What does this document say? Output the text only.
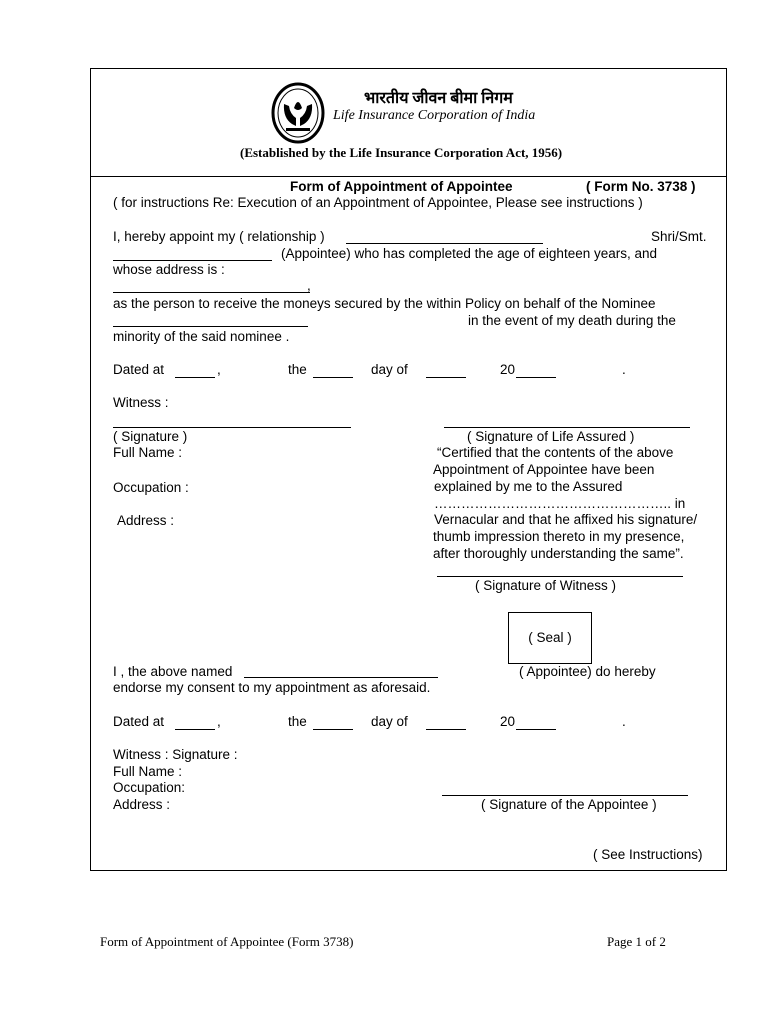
भारतीय जीवन बीमा निगम
Life Insurance Corporation of India
(Established by the Life Insurance Corporation Act, 1956)
Form of Appointment of Appointee	( Form No. 3738 )
( for instructions Re: Execution of an Appointment of Appointee, Please see instructions )
I, hereby appoint my ( relationship )	Shri/Smt.
(Appointee) who has completed the age of eighteen years, and
whose address is :
,
as the person to receive the moneys secured by the within Policy on behalf of the Nominee
in the event of my death during the
minority of the said nominee .
Dated at	,	the	day of	20	.
Witness :
( Signature )	( Signature of Life Assured )
Full Name :
Occupation :
Address :
“Certified that the contents of the above
Appointment of Appointee have been
explained by me to the Assured
…………………………………………….. in
Vernacular and that he affixed his signature/
thumb impression thereto in my presence,
after thoroughly understanding the same”.
( Signature of Witness )
( Seal )
I , the above named	( Appointee) do hereby
endorse my consent to my appointment as aforesaid.
Dated at	,	the	day of	20	.
Witness : Signature :
Full Name :
Occupation:
Address :	( Signature of the Appointee )
( See Instructions)
Form of Appointment of Appointee (Form 3738)	Page 1 of 2
